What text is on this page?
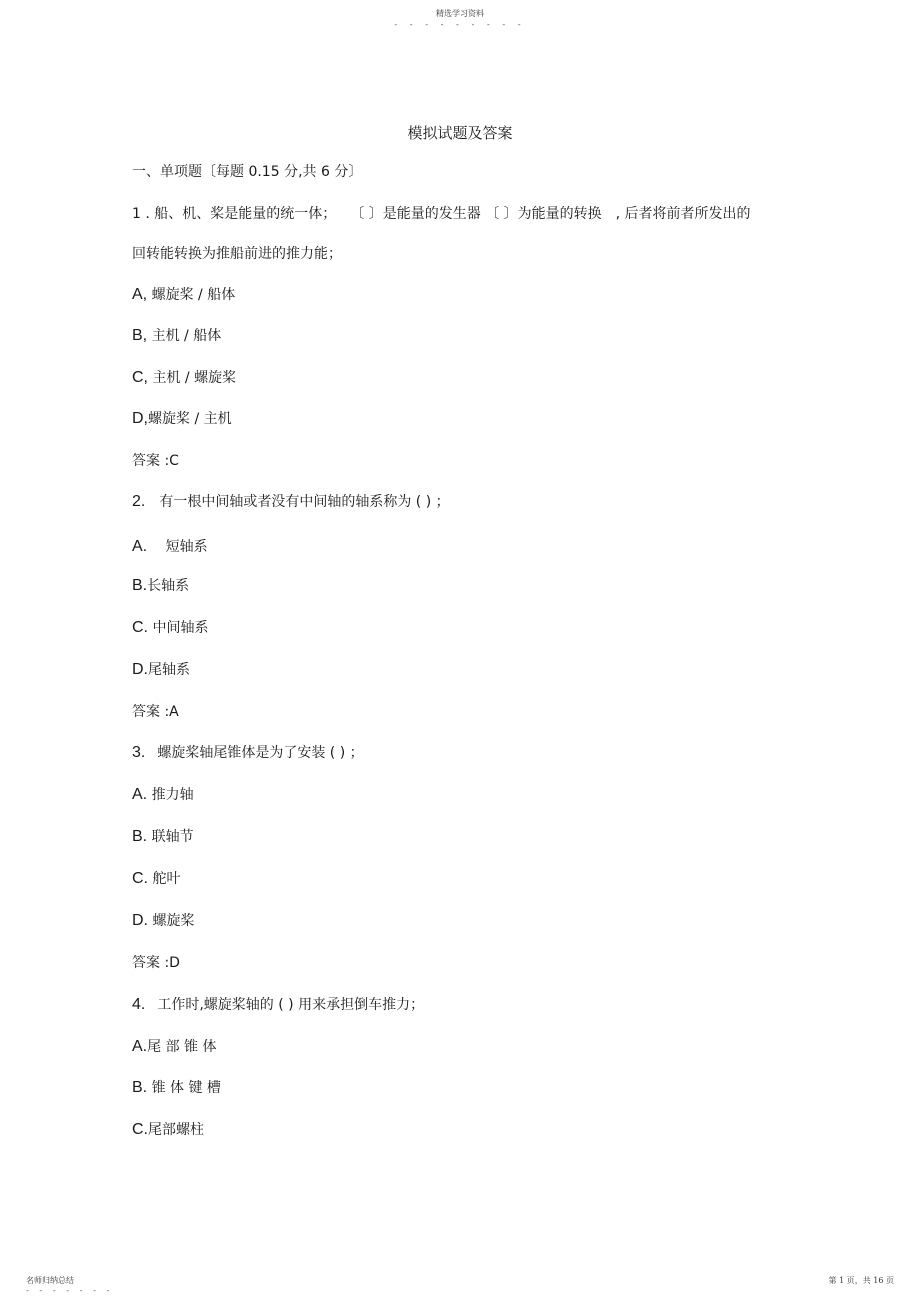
精选学习资料
- - - - - - - - -
模拟试题及答案
一、单项题〔每题 0.15 分,共 6 分〕
1 . 船、机、桨是能量的统一体；　　〔 〕是能量的发生器 〔 〕为能量的转换　, 后者将前者所发出的
回转能转换为推船前进的推力能；
A, 螺旋桨 / 船体
B, 主机 / 船体
C, 主机 / 螺旋桨
D,螺旋桨 / 主机
答案 :C
2. 有一根中间轴或者没有中间轴的轴系称为 ( ) ；
A.　 短轴系
B.长轴系
C. 中间轴系
D.尾轴系
答案 :A
3. 螺旋桨轴尾锥体是为了安装 ( ) ；
A. 推力轴
B. 联轴节
C. 舵叶
D. 螺旋桨
答案 :D
4. 工作时,螺旋桨轴的 ( ) 用来承担倒车推力；
A.尾 部 锥 体
B. 锥 体 键 槽
C.尾部螺柱
名师归纳总结
- - - - - - -
第 1 页，共 16 页
